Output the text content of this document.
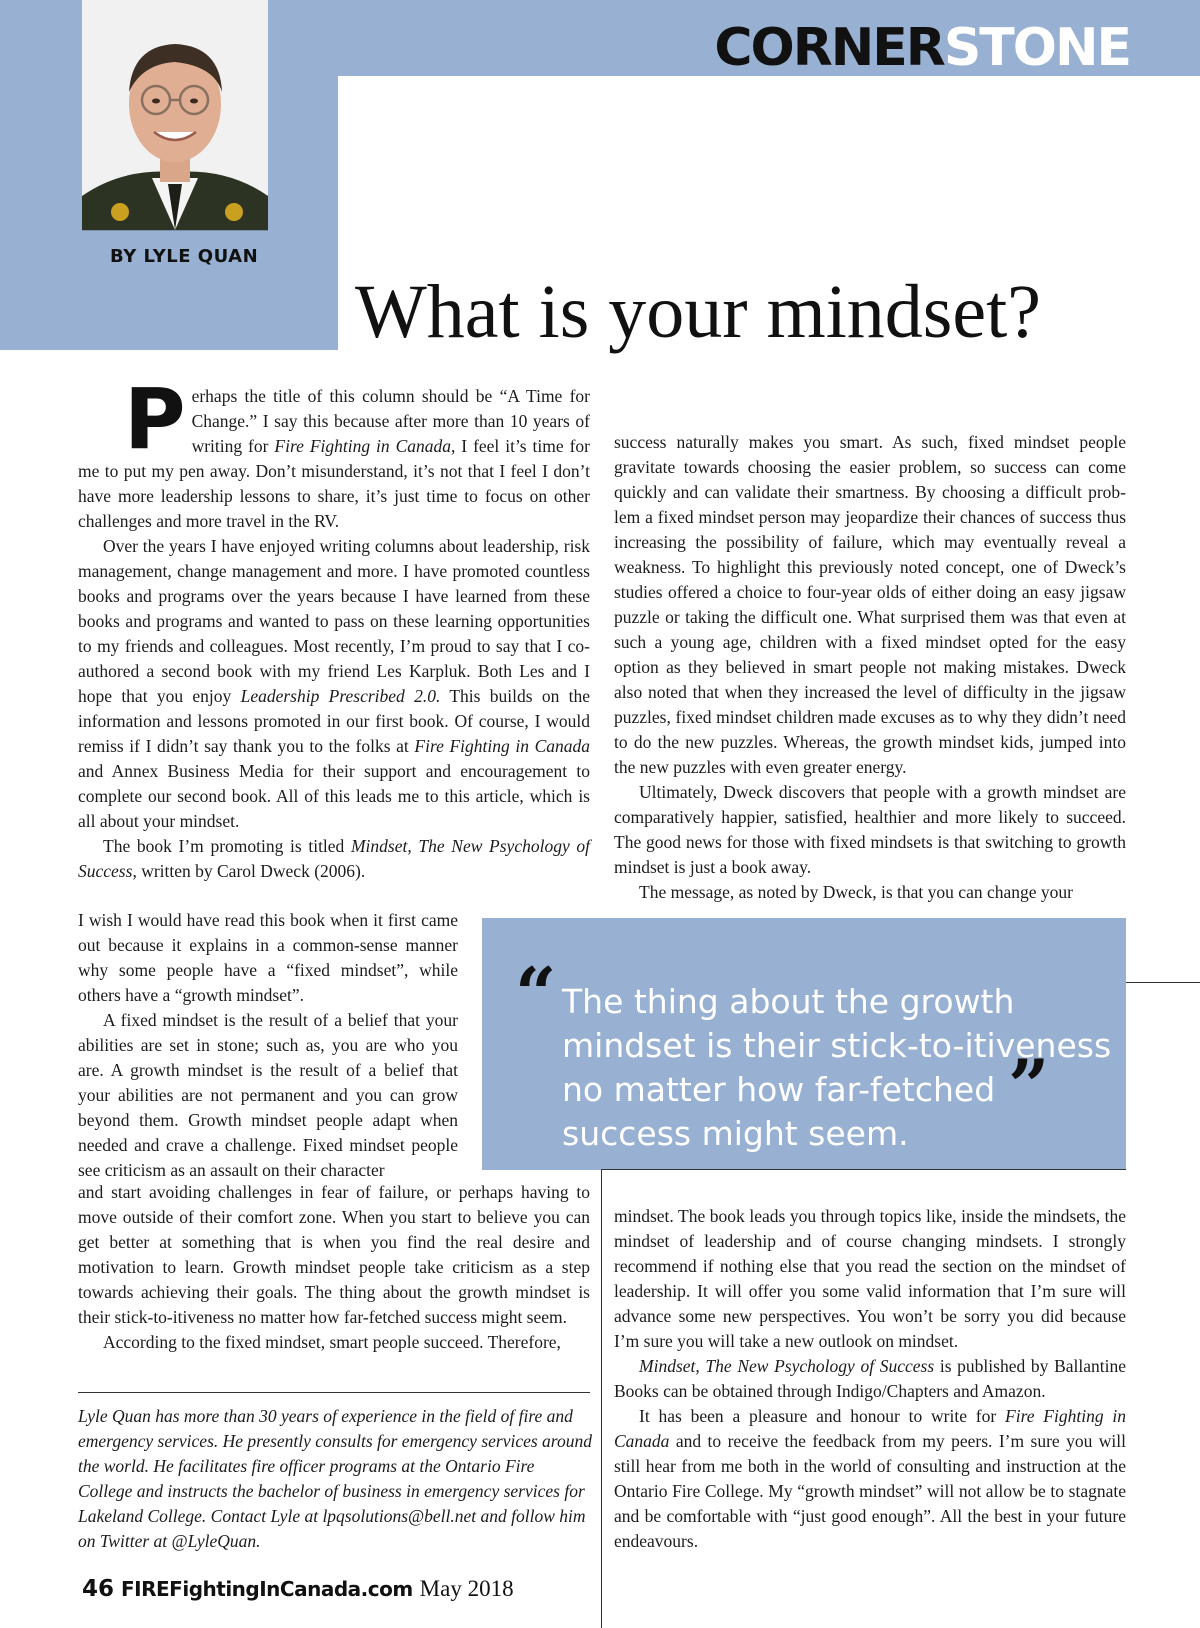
CORNERSTONE
BY LYLE QUAN
What is your mindset?

Perhaps the title of this column should be “A Time for Change.” I say this because after more than 10 years of writing for Fire Fighting in Canada, I feel it’s time for me to put my pen away. Don’t misunderstand, it’s not that I feel I don’t have more leadership lessons to share, it’s just time to focus on other challenges and more travel in the RV.

Over the years I have enjoyed writing columns about leadership, risk management, change management and more. I have promoted countless books and programs over the years because I have learned from these books and programs and wanted to pass on these learning opportunities to my friends and colleagues. Most recently, I’m proud to say that I co-authored a second book with my friend Les Karpluk. Both Les and I hope that you enjoy Leadership Prescribed 2.0. This builds on the information and lessons promoted in our first book. Of course, I would remiss if I didn’t say thank you to the folks at Fire Fighting in Canada and Annex Business Media for their support and encouragement to complete our second book. All of this leads me to this article, which is all about your mindset.

The book I’m promoting is titled Mindset, The New Psychology of Success, written by Carol Dweck (2006).

I wish I would have read this book when it first came out because it explains in a common-sense manner why some people have a “fixed mindset”, while others have a “growth mindset”.

A fixed mindset is the result of a belief that your abilities are set in stone; such as, you are who you are. A growth mindset is the result of a belief that your abilities are not permanent and you can grow beyond them. Growth mindset people adapt when needed and crave a challenge. Fixed mindset people see criticism as an assault on their character

and start avoiding challenges in fear of failure, or perhaps having to move outside of their comfort zone. When you start to believe you can get better at something that is when you find the real desire and motivation to learn. Growth mindset people take criticism as a step towards achieving their goals. The thing about the growth mindset is their stick-to-itiveness no matter how far-fetched success might seem.

According to the fixed mindset, smart people succeed. Therefore,

success naturally makes you smart. As such, fixed mindset people gravitate towards choosing the easier problem, so success can come quickly and can validate their smartness. By choosing a difficult prob- lem a fixed mindset person may jeopardize their chances of success thus increasing the possibility of failure, which may eventually reveal a weakness. To highlight this previously noted concept, one of Dweck’s studies offered a choice to four-year olds of either doing an easy jigsaw puzzle or taking the difficult one. What surprised them was that even at such a young age, children with a fixed mindset opted for the easy option as they believed in smart people not making mistakes. Dweck also noted that when they increased the level of difficulty in the jigsaw puzzles, fixed mindset children made excuses as to why they didn’t need to do the new puzzles. Whereas, the growth mindset kids, jumped into the new puzzles with even greater energy.

Ultimately, Dweck discovers that people with a growth mindset are comparatively happier, satisfied, healthier and more likely to succeed. The good news for those with fixed mindsets is that switching to growth mindset is just a book away.

The message, as noted by Dweck, is that you can change your

“ The thing about the growth mindset is their stick-to-itiveness no matter how far-fetched success might seem.
”

mindset. The book leads you through topics like, inside the mindsets, the mindset of leadership and of course changing mindsets. I strongly recommend if nothing else that you read the section on the mindset of leadership. It will offer you some valid information that I’m sure will advance some new perspectives. You won’t be sorry you did because I’m sure you will take a new outlook on mindset.

Mindset, The New Psychology of Success is published by Ballantine Books can be obtained through Indigo/Chapters and Amazon.

It has been a pleasure and honour to write for Fire Fighting in Canada and to receive the feedback from my peers. I’m sure you will still hear from me both in the world of consulting and instruction at the Ontario Fire College. My “growth mindset” will not allow be to stagnate and be comfortable with “just good enough”. All the best in your future endeavours.

Lyle Quan has more than 30 years of experience in the field of fire and emergency services. He presently consults for emergency services around the world. He facilitates fire officer programs at the Ontario Fire College and instructs the bachelor of business in emergency services for Lakeland College. Contact Lyle at lpqsolutions@bell.net and follow him on Twitter at @LyleQuan.

46 FIREFightingInCanada.com May 2018
